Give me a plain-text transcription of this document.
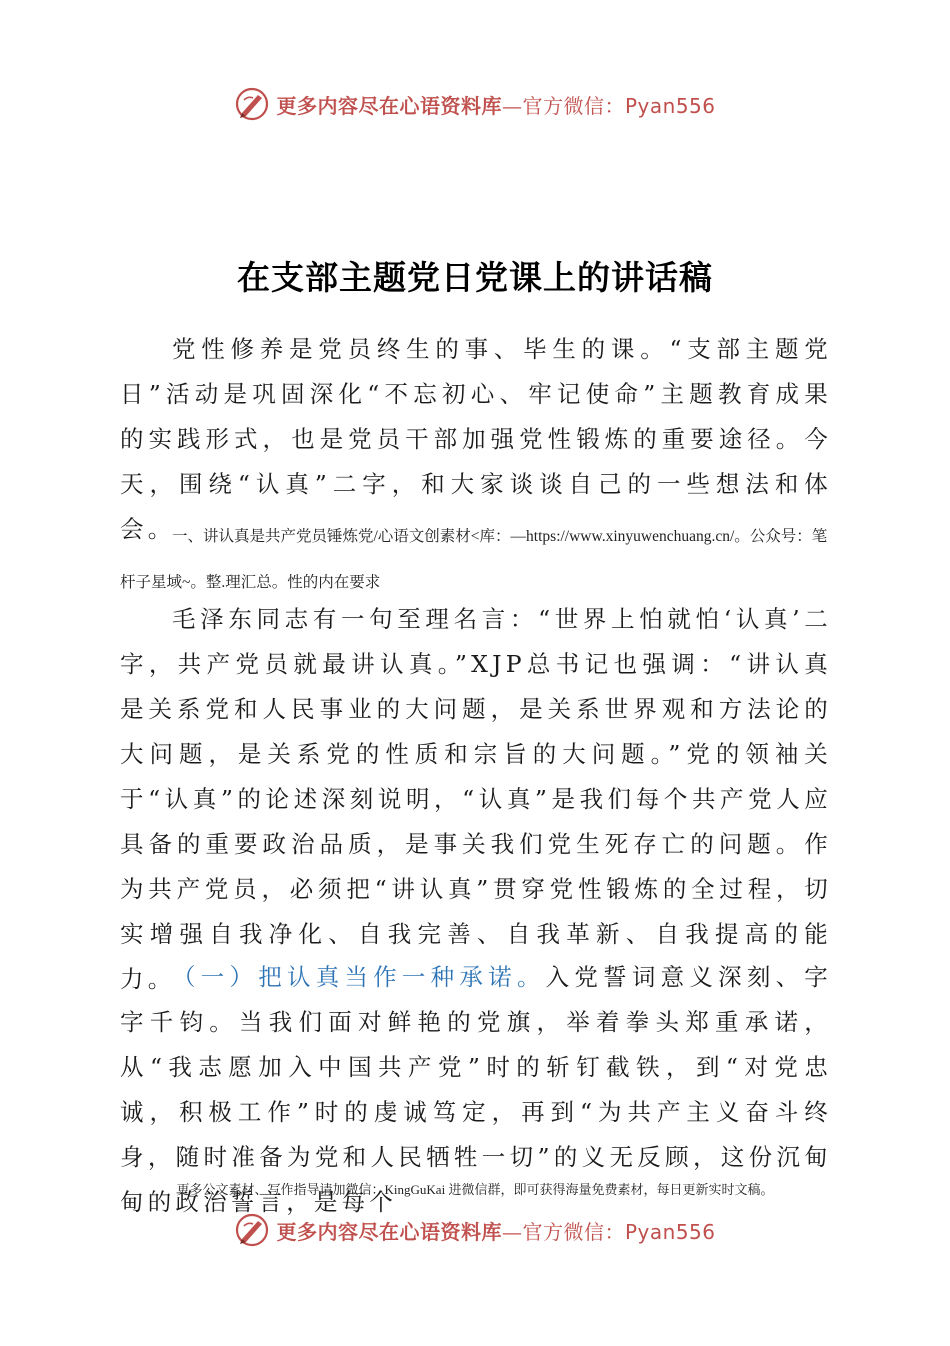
更多内容尽在心语资料库—官方微信：Pyan556
在支部主题党日党课上的讲话稿
党性修养是党员终生的事、毕生的课。“支部主题党日”活动是巩固深化“不忘初心、牢记使命”主题教育成果的实践形式，也是党员干部加强党性锻炼的重要途径。今天，围绕“认真”二字，和大家谈谈自己的一些想法和体会。
一、讲认真是共产党员锤炼党/心语文创素材<库：—https://www.xinyuwenchuang.cn/。公众号：笔杆子星域~。整.理汇总。性的内在要求
毛泽东同志有一句至理名言：“世界上怕就怕‘认真’二字，共产党员就最讲认真。”XJP总书记也强调：“讲认真是关系党和人民事业的大问题，是关系世界观和方法论的大问题，是关系党的性质和宗旨的大问题。”党的领袖关于“认真”的论述深刻说明，“认真”是我们每个共产党人应具备的重要政治品质，是事关我们党生死存亡的问题。作为共产党员，必须把“讲认真”贯穿党性锻炼的全过程，切实增强自我净化、自我完善、自我革新、自我提高的能力。
（一）把认真当作一种承诺。入党誓词意义深刻、字字千钧。当我们面对鲜艳的党旗，举着拳头郑重承诺，从“我志愿加入中国共产党”时的斩钉截铁，到“对党忠诚，积极工作”时的虔诚笃定，再到“为共产主义奋斗终身，随时准备为党和人民牺牲一切”的义无反顾，这份沉甸甸的政治誓言，是每个
更多公文素材、写作指导请加微信：KingGuKai 进微信群，即可获得海量免费素材，每日更新实时文稿。
更多内容尽在心语资料库—官方微信：Pyan556
